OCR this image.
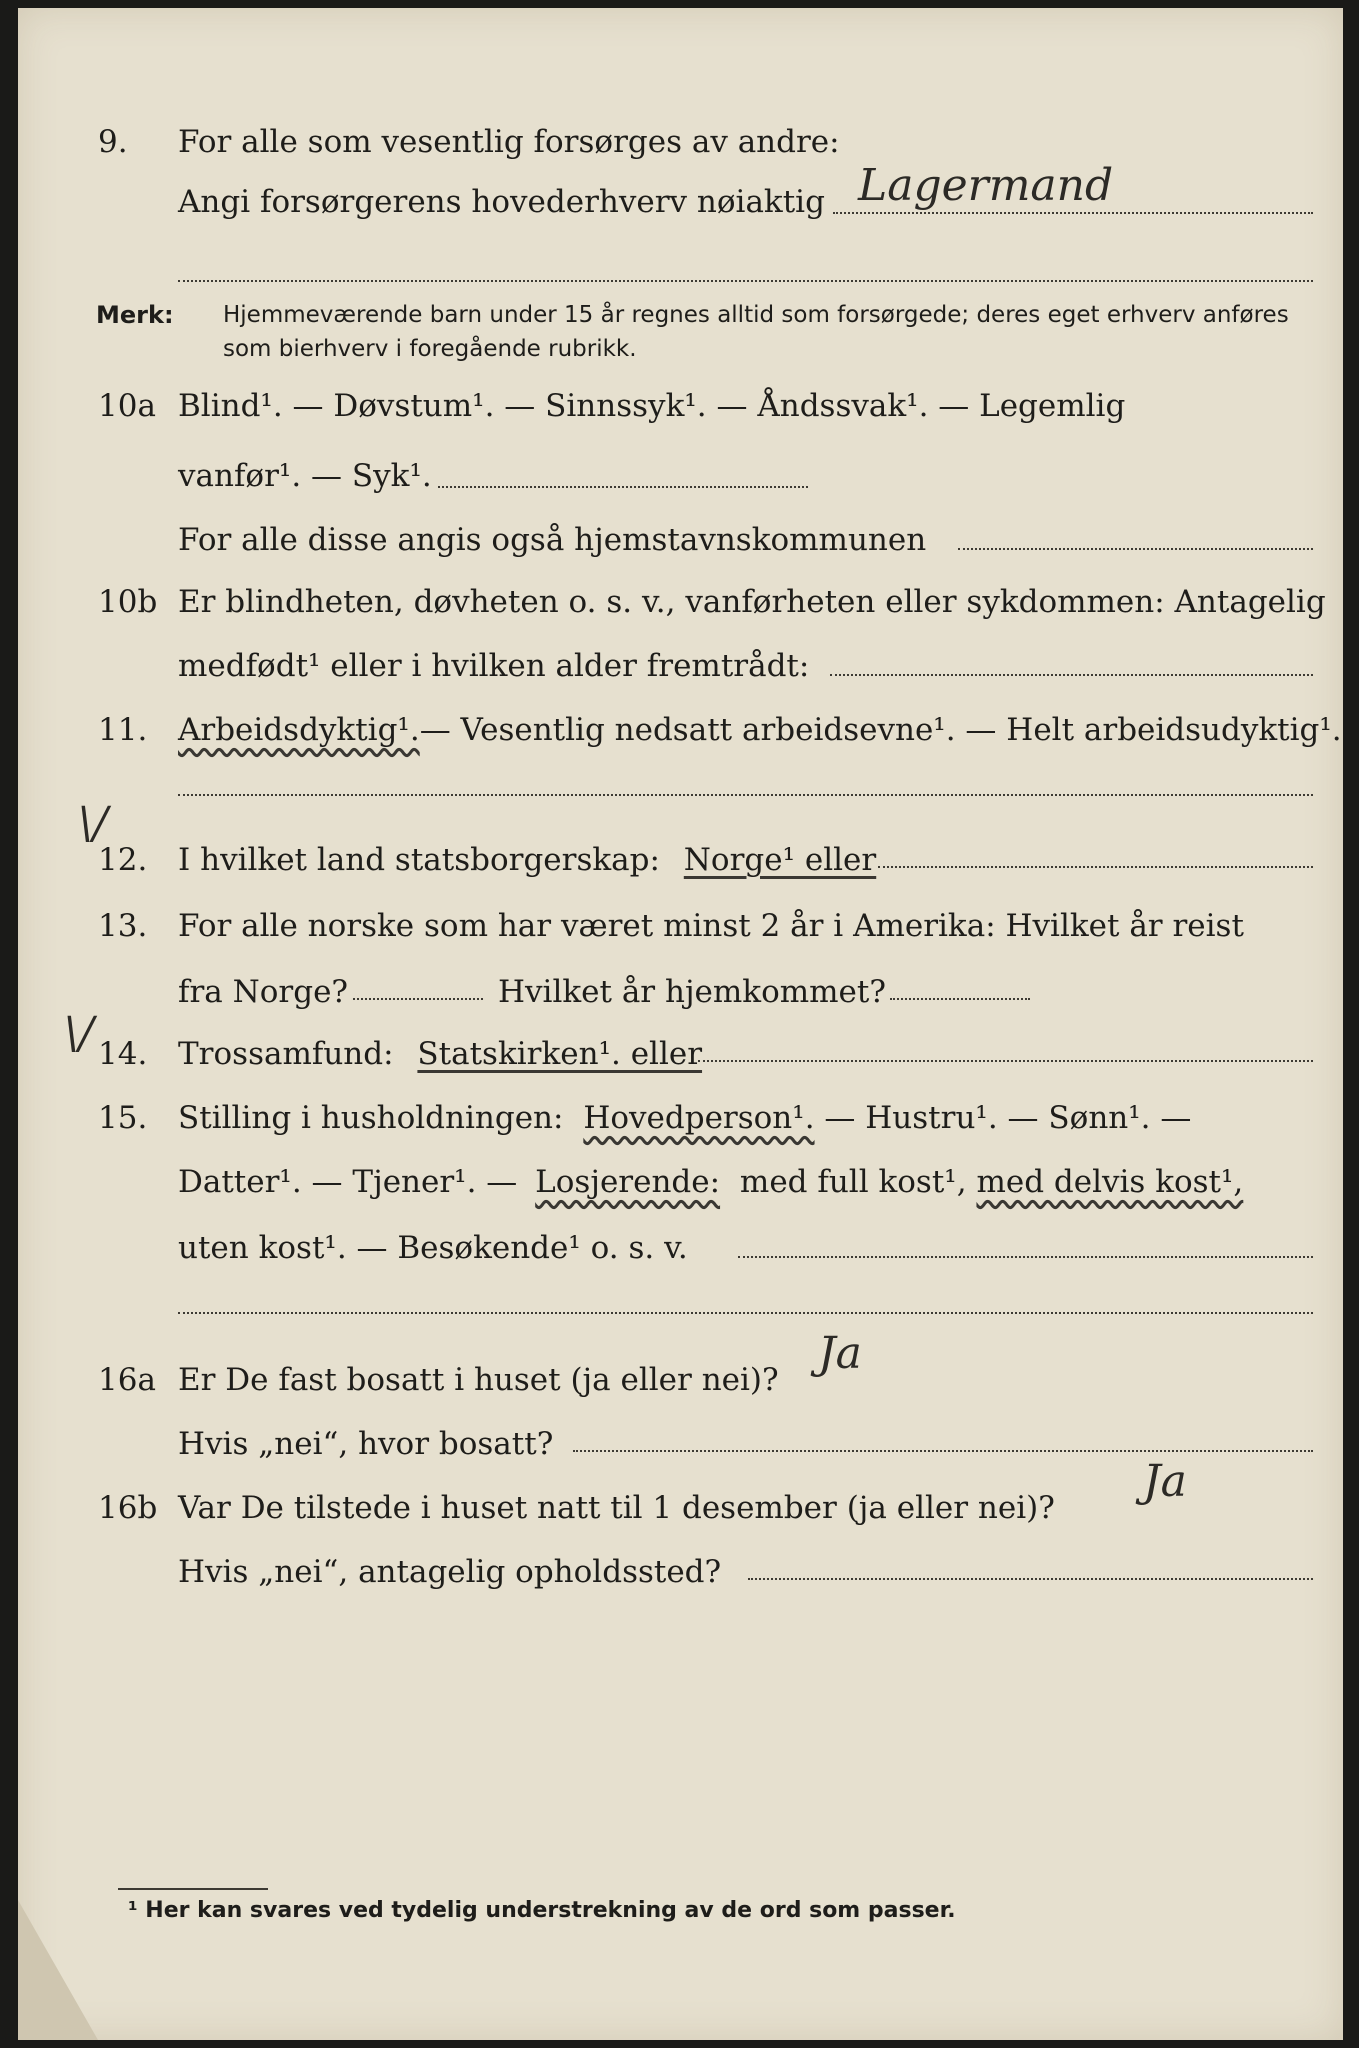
9. For alle som vesentlig forsørges av andre:
Angi forsørgerens hovederhverv nøiaktig Lagermand
Merk: Hjemmeværende barn under 15 år regnes alltid som forsørgede; deres eget erhverv anføres som bierhverv i foregående rubrikk.
10a Blind¹. — Døvstum¹. — Sinnssyk¹. — Åndssvak¹. — Legemlig
vanfør¹. — Syk¹.
For alle disse angis også hjemstavnskommunen
10b Er blindheten, døvheten o. s. v., vanførheten eller sykdommen: Antagelig
medfødt¹ eller i hvilken alder fremtrådt:
11. Arbeidsdyktig¹.— Vesentlig nedsatt arbeidsevne¹. — Helt arbeidsudyktig¹.
\/
12. I hvilket land statsborgerskap: Norge¹ eller
13. For alle norske som har været minst 2 år i Amerika: Hvilket år reist
fra Norge?	Hvilket år hjemkommet?
\/ 14. Trossamfund: Statskirken¹. eller
15. Stilling i husholdningen: Hovedperson¹. — Hustru¹. — Sønn¹. —
Datter¹. — Tjener¹. — Losjerende: med full kost¹, med delvis kost¹,
uten kost¹. — Besøkende¹ o. s. v.
16a Er De fast bosatt i huset (ja eller nei)?
Ja
Hvis „nei“, hvor bosatt?
16b Var De tilstede i huset natt til 1 desember (ja eller nei)?
Ja
Hvis „nei“, antagelig opholdssted?
¹ Her kan svares ved tydelig understrekning av de ord som passer.
